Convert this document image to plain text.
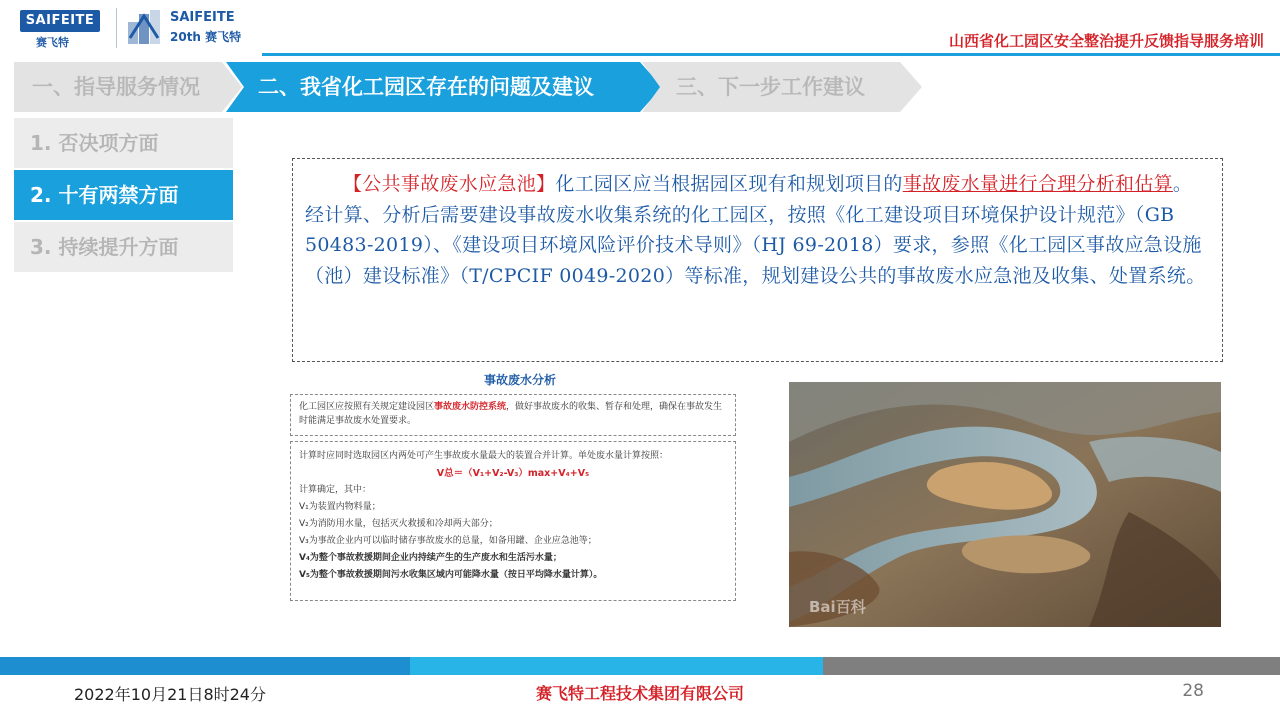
SAIFEITE
赛飞特
SAIFEITE
20th 赛飞特	山西省化工园区安全整治提升反馈指导服务培训
一、指导服务情况	二、我省化工园区存在的问题及建议	三、下一步工作建议
1. 否决项方面
2. 十有两禁方面
3. 持续提升方面

【公共事故废水应急池】化工园区应当根据园区现有和规划项目的事故废水量进行合理分析和估算。经计算、分析后需要建设事故废水收集系统的化工园区，按照《化工建设项目环境保护设计规范》（GB 50483-2019）、《建设项目环境风险评价技术导则》（HJ 69-2018）要求，参照《化工园区事故应急设施（池）建设标准》（T/CPCIF 0049-2020）等标准，规划建设公共的事故废水应急池及收集、处置系统。

事故废水分析
化工园区应按照有关规定建设园区事故废水防控系统，做好事故废水的收集、暂存和处理，确保在事故发生时能满足事故废水处置要求。
计算时应同时选取园区内两处可产生事故废水量最大的装置合并计算。单处废水量计算按照：
V总＝（V₁+V₂-V₃）max+V₄+V₅
计算确定，其中：
V₁为装置内物料量；
V₂为消防用水量，包括灭火救援和冷却两大部分；
V₃为事故企业内可以临时储存事故废水的总量，如备用罐、企业应急池等；
V₄为整个事故救援期间企业内持续产生的生产废水和生活污水量；
V₅为整个事故救援期间污水收集区域内可能降水量（按日平均降水量计算）。
Bai百科
2022年10月21日8时24分	赛飞特工程技术集团有限公司	28
